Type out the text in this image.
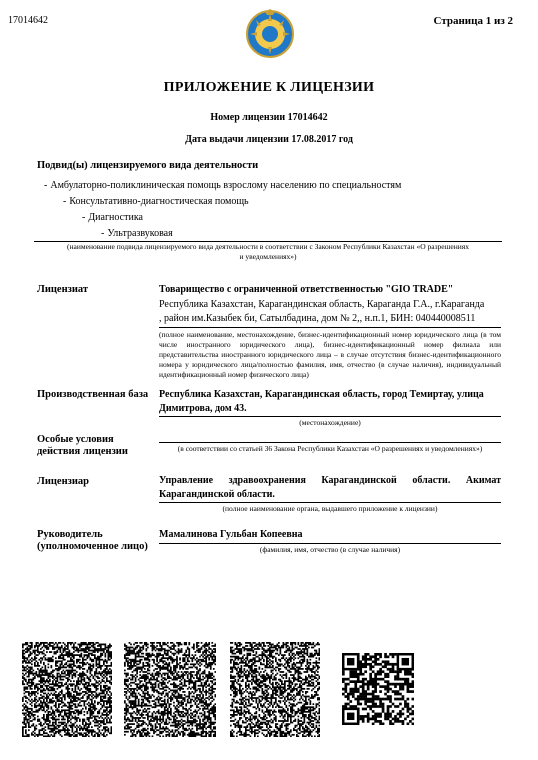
17014642	Страница 1 из 2
ПРИЛОЖЕНИЕ К ЛИЦЕНЗИИ
Номер лицензии 17014642
Дата выдачи лицензии 17.08.2017 год
Подвид(ы) лицензируемого вида деятельности
- Амбулаторно-поликлиническая помощь взрослому населению по специальностям
- Консультативно-диагностическая помощь
- Диагностика
- Ультразвуковая
(наименование подвида лицензируемого вида деятельности в соответствии с Законом Республики Казахстан «О разрешениях
и уведомлениях»)
Лицензиат	Товарищество с ограниченной ответственностью "GIO TRADE"
Республика Казахстан, Карагандинская область, Караганда Г.А., г.Караганда
, район им.Казыбек би, Сатылбадина, дом № 2,, н.п.1, БИН: 040440008511
(полное наименование, местонахождение, бизнес-идентификационный номер юридического лица (в том числе иностранного юридического лица), бизнес-идентификационный номер филиала или представительства иностранного юридического лица – в случае отсутствия бизнес-идентификационного номера у юридического лица/полностью фамилия, имя, отчество (в случае наличия), индивидуальный идентификационный номер физического лица)
Производственная база Республика Казахстан, Карагандинская область, город Темиртау, улица
Димитрова, дом 43.
(местонахождение)
Особые условия
действия лицензии	(в соответствии со статьей 36 Закона Республики Казахстан «О разрешениях и уведомлениях»)
Лицензиар	Управление здравоохранения Карагандинской области. Акимат
Карагандинской области.
(полное наименование органа, выдавшего приложение к лицензии)
Руководитель
(уполномоченное лицо)
Мамалинова Гульбан Копеевна
(фамилия, имя, отчество (в случае наличия)
